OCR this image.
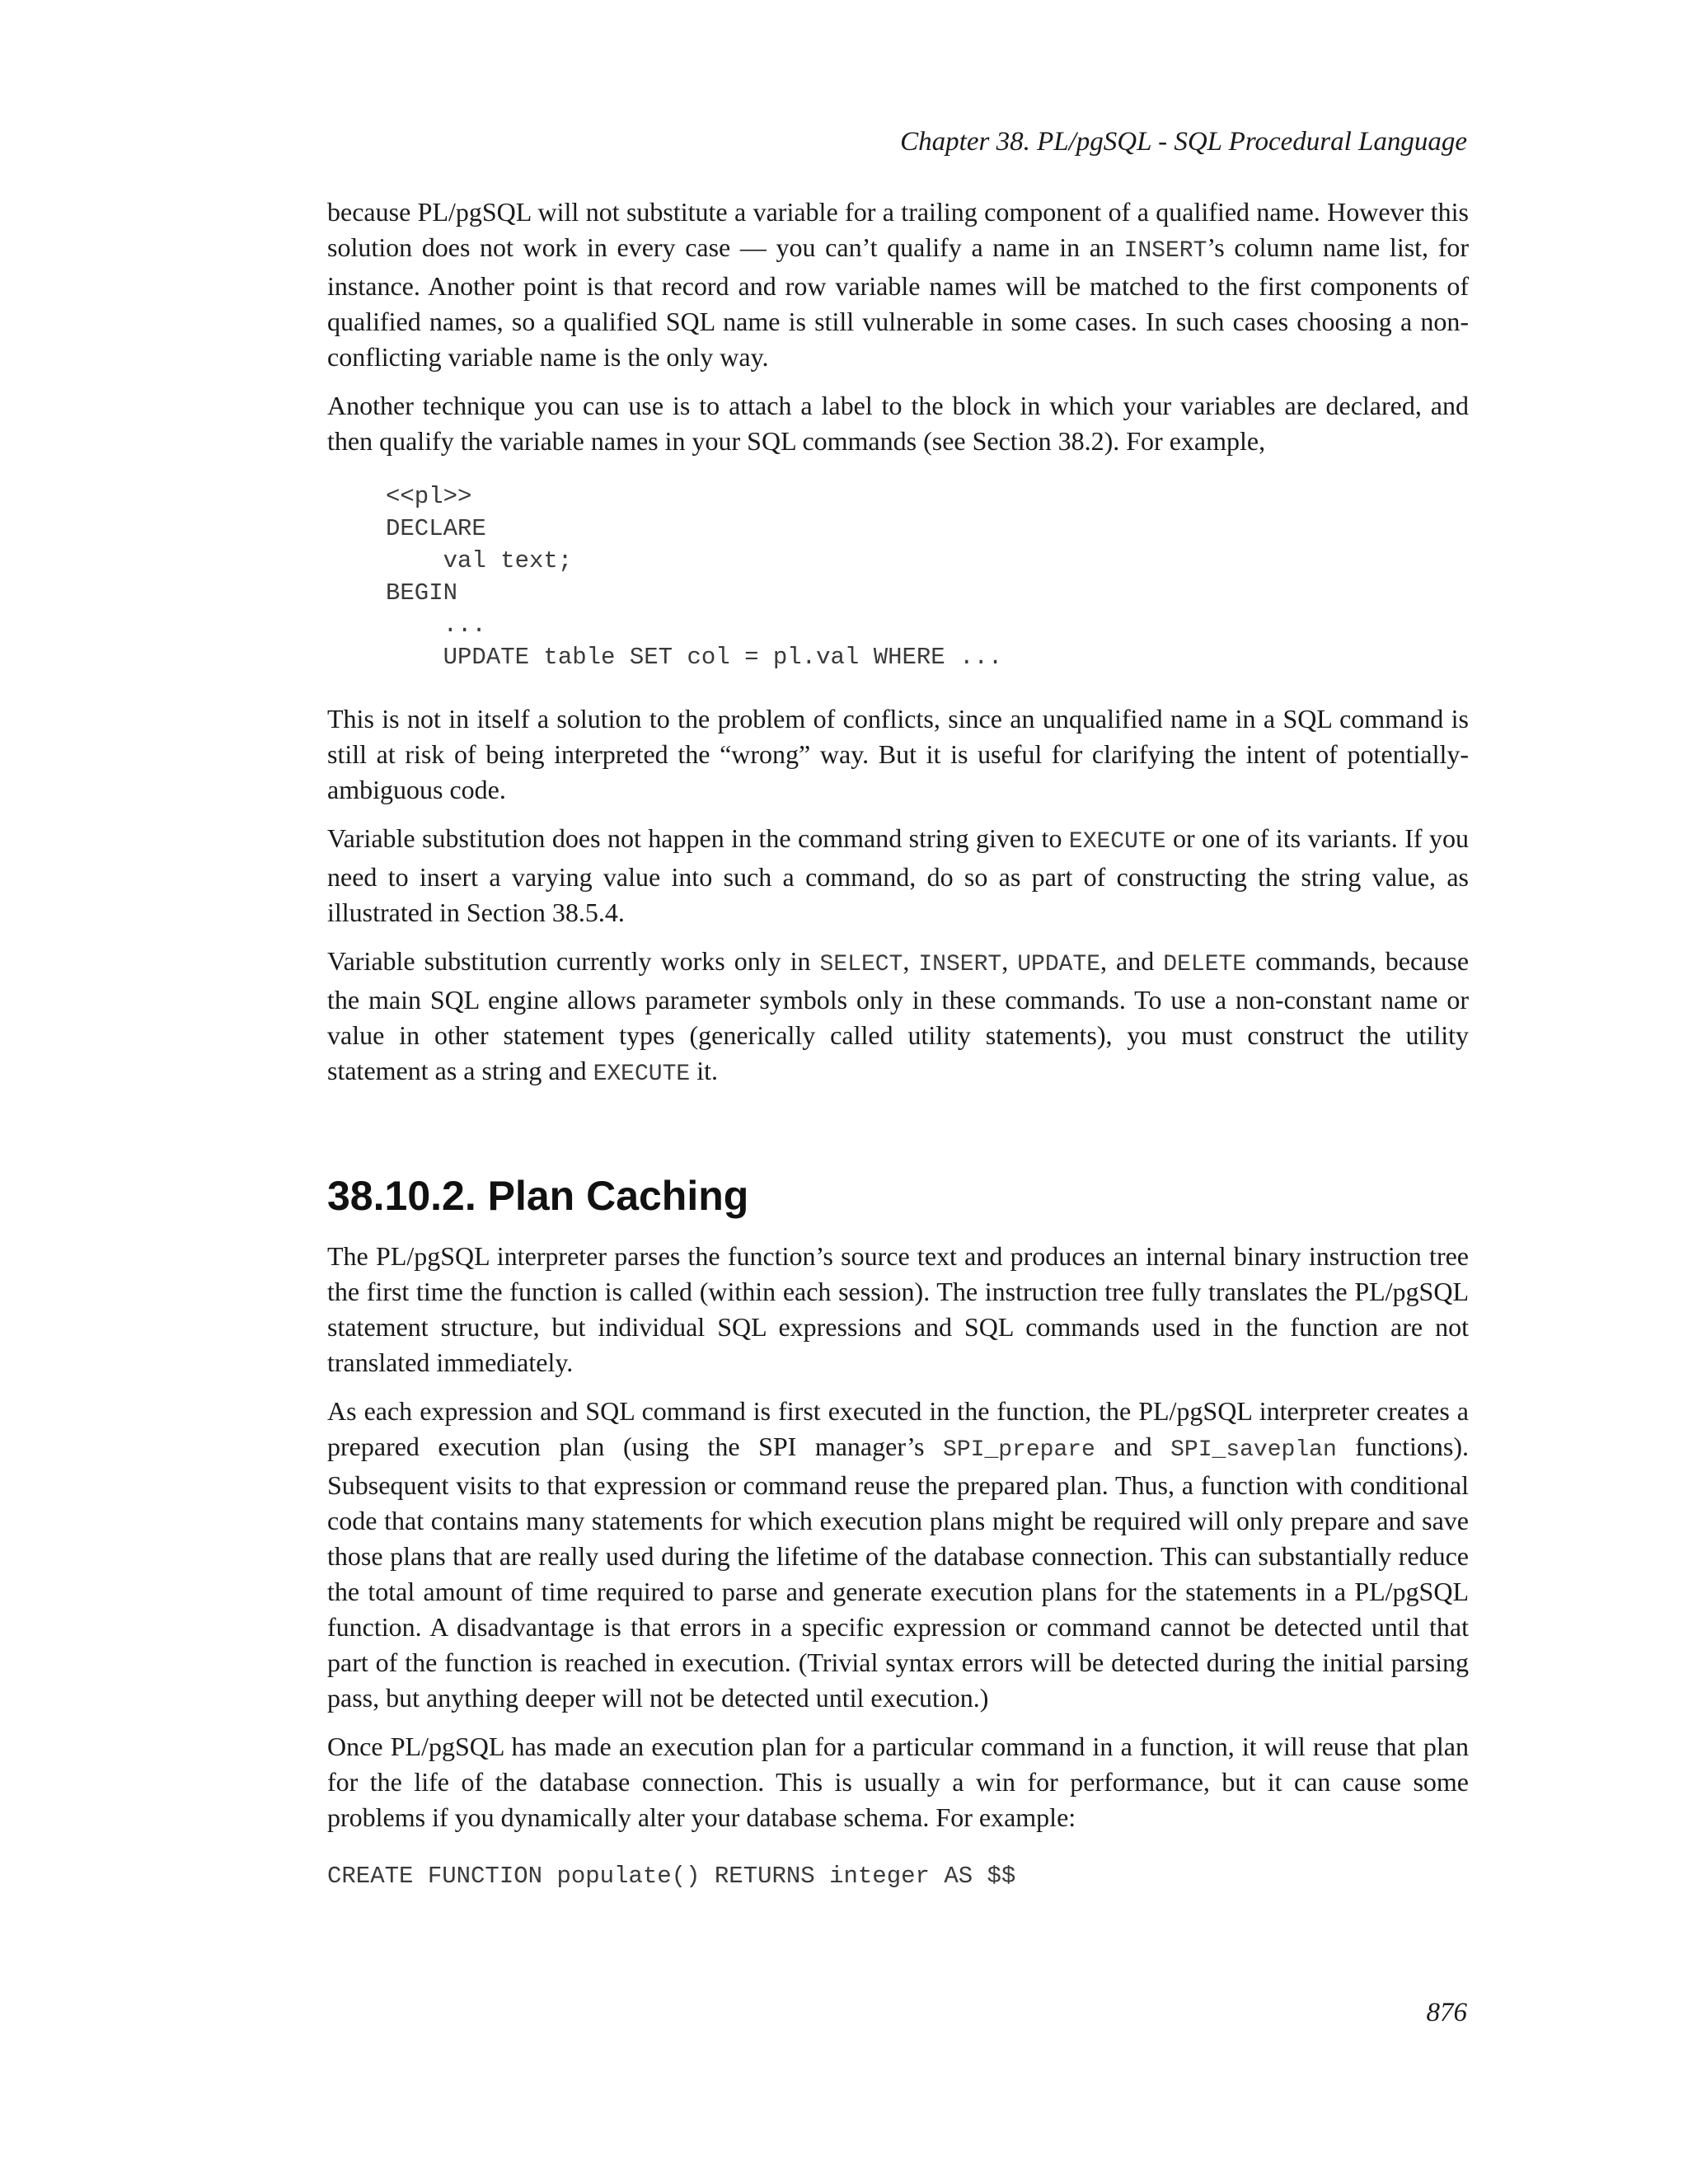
Chapter 38. PL/pgSQL - SQL Procedural Language

because PL/pgSQL will not substitute a variable for a trailing component of a qualified name. However this solution does not work in every case — you can’t qualify a name in an INSERT’s column name list, for instance. Another point is that record and row variable names will be matched to the first components of qualified names, so a qualified SQL name is still vulnerable in some cases. In such cases choosing a non-conflicting variable name is the only way.

Another technique you can use is to attach a label to the block in which your variables are declared, and then qualify the variable names in your SQL commands (see Section 38.2). For example,

<<pl>>
DECLARE
val text;
BEGIN
...
UPDATE table SET col = pl.val WHERE ...

This is not in itself a solution to the problem of conflicts, since an unqualified name in a SQL command is still at risk of being interpreted the “wrong” way. But it is useful for clarifying the intent of potentially-ambiguous code.

Variable substitution does not happen in the command string given to EXECUTE or one of its variants. If you need to insert a varying value into such a command, do so as part of constructing the string value, as illustrated in Section 38.5.4.

Variable substitution currently works only in SELECT, INSERT, UPDATE, and DELETE commands, because the main SQL engine allows parameter symbols only in these commands. To use a non-constant name or value in other statement types (generically called utility statements), you must construct the utility statement as a string and EXECUTE it.

38.10.2. Plan Caching

The PL/pgSQL interpreter parses the function’s source text and produces an internal binary instruction tree the first time the function is called (within each session). The instruction tree fully translates the PL/pgSQL statement structure, but individual SQL expressions and SQL commands used in the function are not translated immediately.

As each expression and SQL command is first executed in the function, the PL/pgSQL interpreter creates a prepared execution plan (using the SPI manager’s SPI_prepare and SPI_saveplan functions). Subsequent visits to that expression or command reuse the prepared plan. Thus, a function with conditional code that contains many statements for which execution plans might be required will only prepare and save those plans that are really used during the lifetime of the database connection. This can substantially reduce the total amount of time required to parse and generate execution plans for the statements in a PL/pgSQL function. A disadvantage is that errors in a specific expression or command cannot be detected until that part of the function is reached in execution. (Trivial syntax errors will be detected during the initial parsing pass, but anything deeper will not be detected until execution.)

Once PL/pgSQL has made an execution plan for a particular command in a function, it will reuse that plan for the life of the database connection. This is usually a win for performance, but it can cause some problems if you dynamically alter your database schema. For example:

CREATE FUNCTION populate() RETURNS integer AS $$
876
